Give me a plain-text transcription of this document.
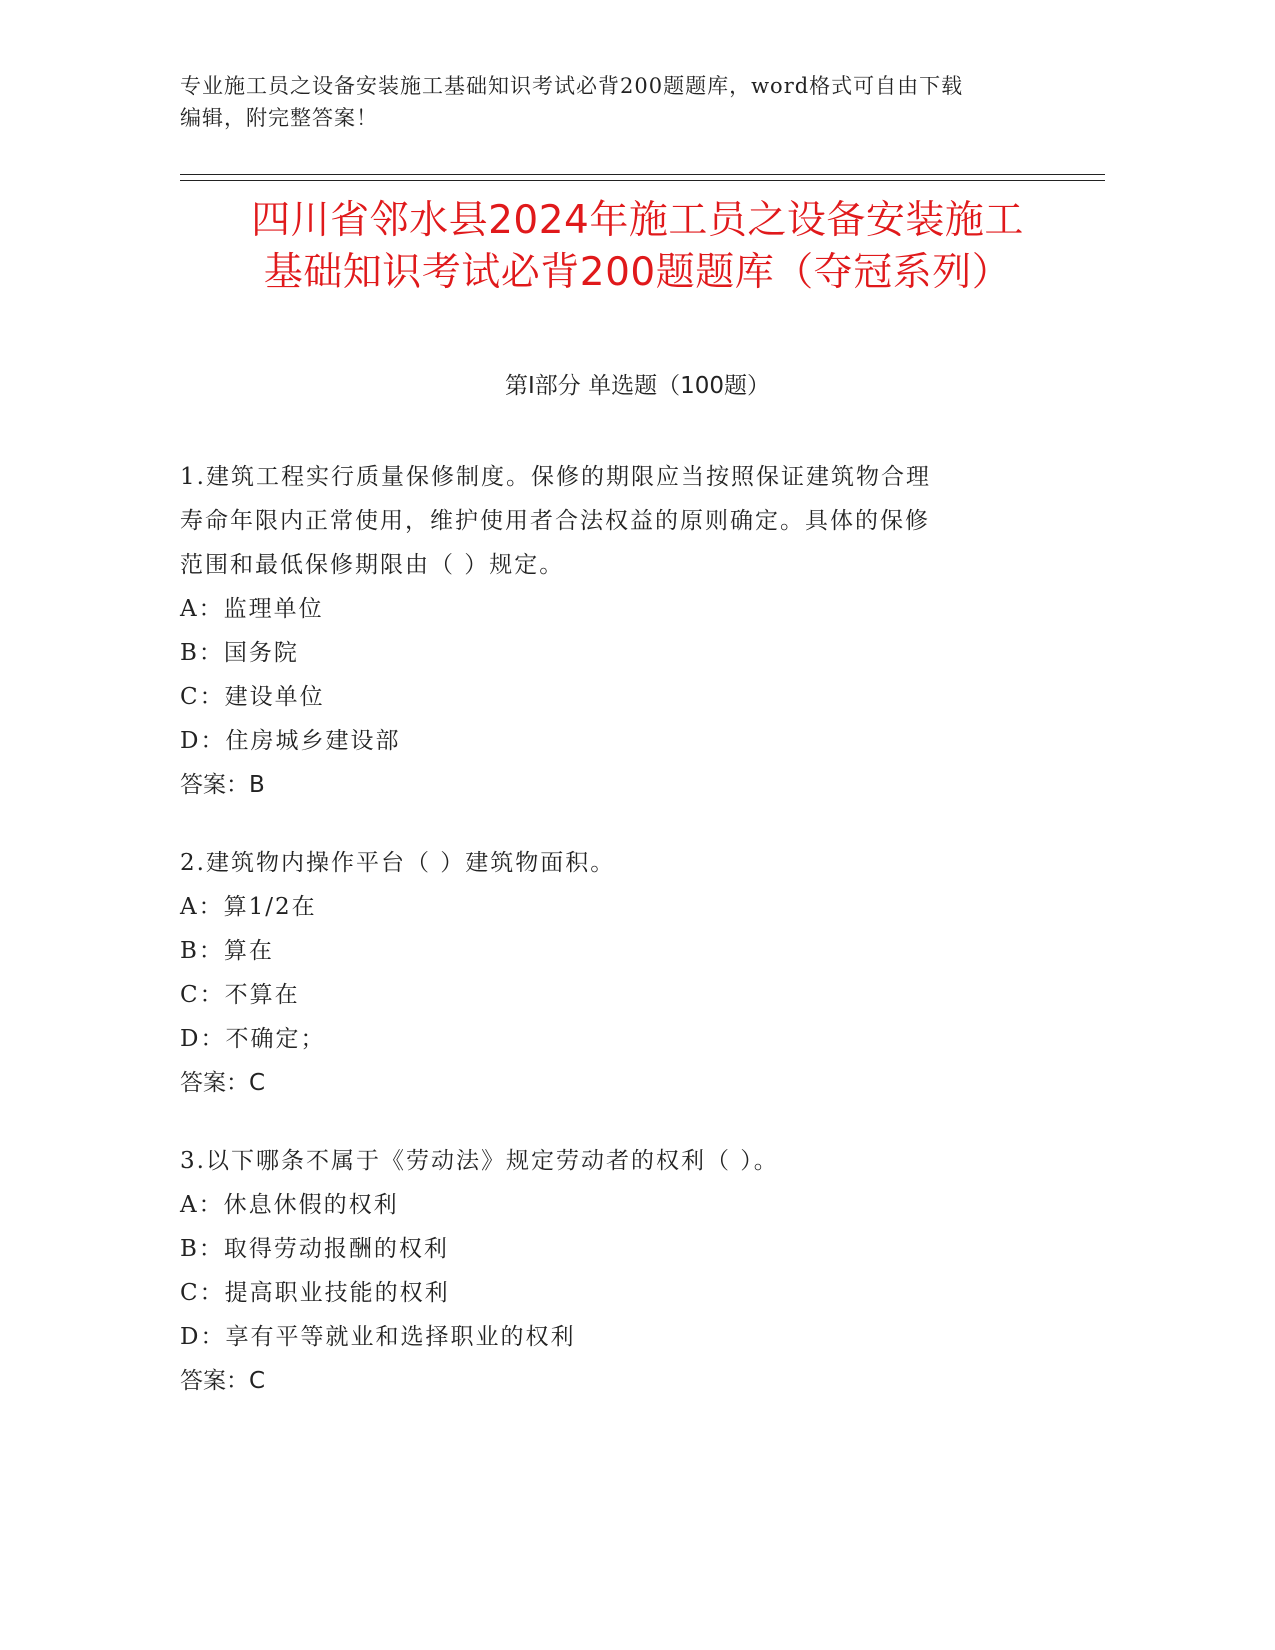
专业施工员之设备安装施工基础知识考试必背200题题库，word格式可自由下载
编辑，附完整答案！
四川省邻水县2024年施工员之设备安装施工
基础知识考试必背200题题库（夺冠系列）
第Ⅰ部分 单选题（100题）
1.建筑工程实行质量保修制度。保修的期限应当按照保证建筑物合理
寿命年限内正常使用，维护使用者合法权益的原则确定。具体的保修
范围和最低保修期限由（ ）规定。
A：监理单位
B：国务院
C：建设单位
D：住房城乡建设部
答案：B
2.建筑物内操作平台（ ）建筑物面积。
A：算1/2在
B：算在
C：不算在
D：不确定；
答案：C
3.以下哪条不属于《劳动法》规定劳动者的权利（ ）。
A：休息休假的权利
B：取得劳动报酬的权利
C：提高职业技能的权利
D：享有平等就业和选择职业的权利
答案：C
